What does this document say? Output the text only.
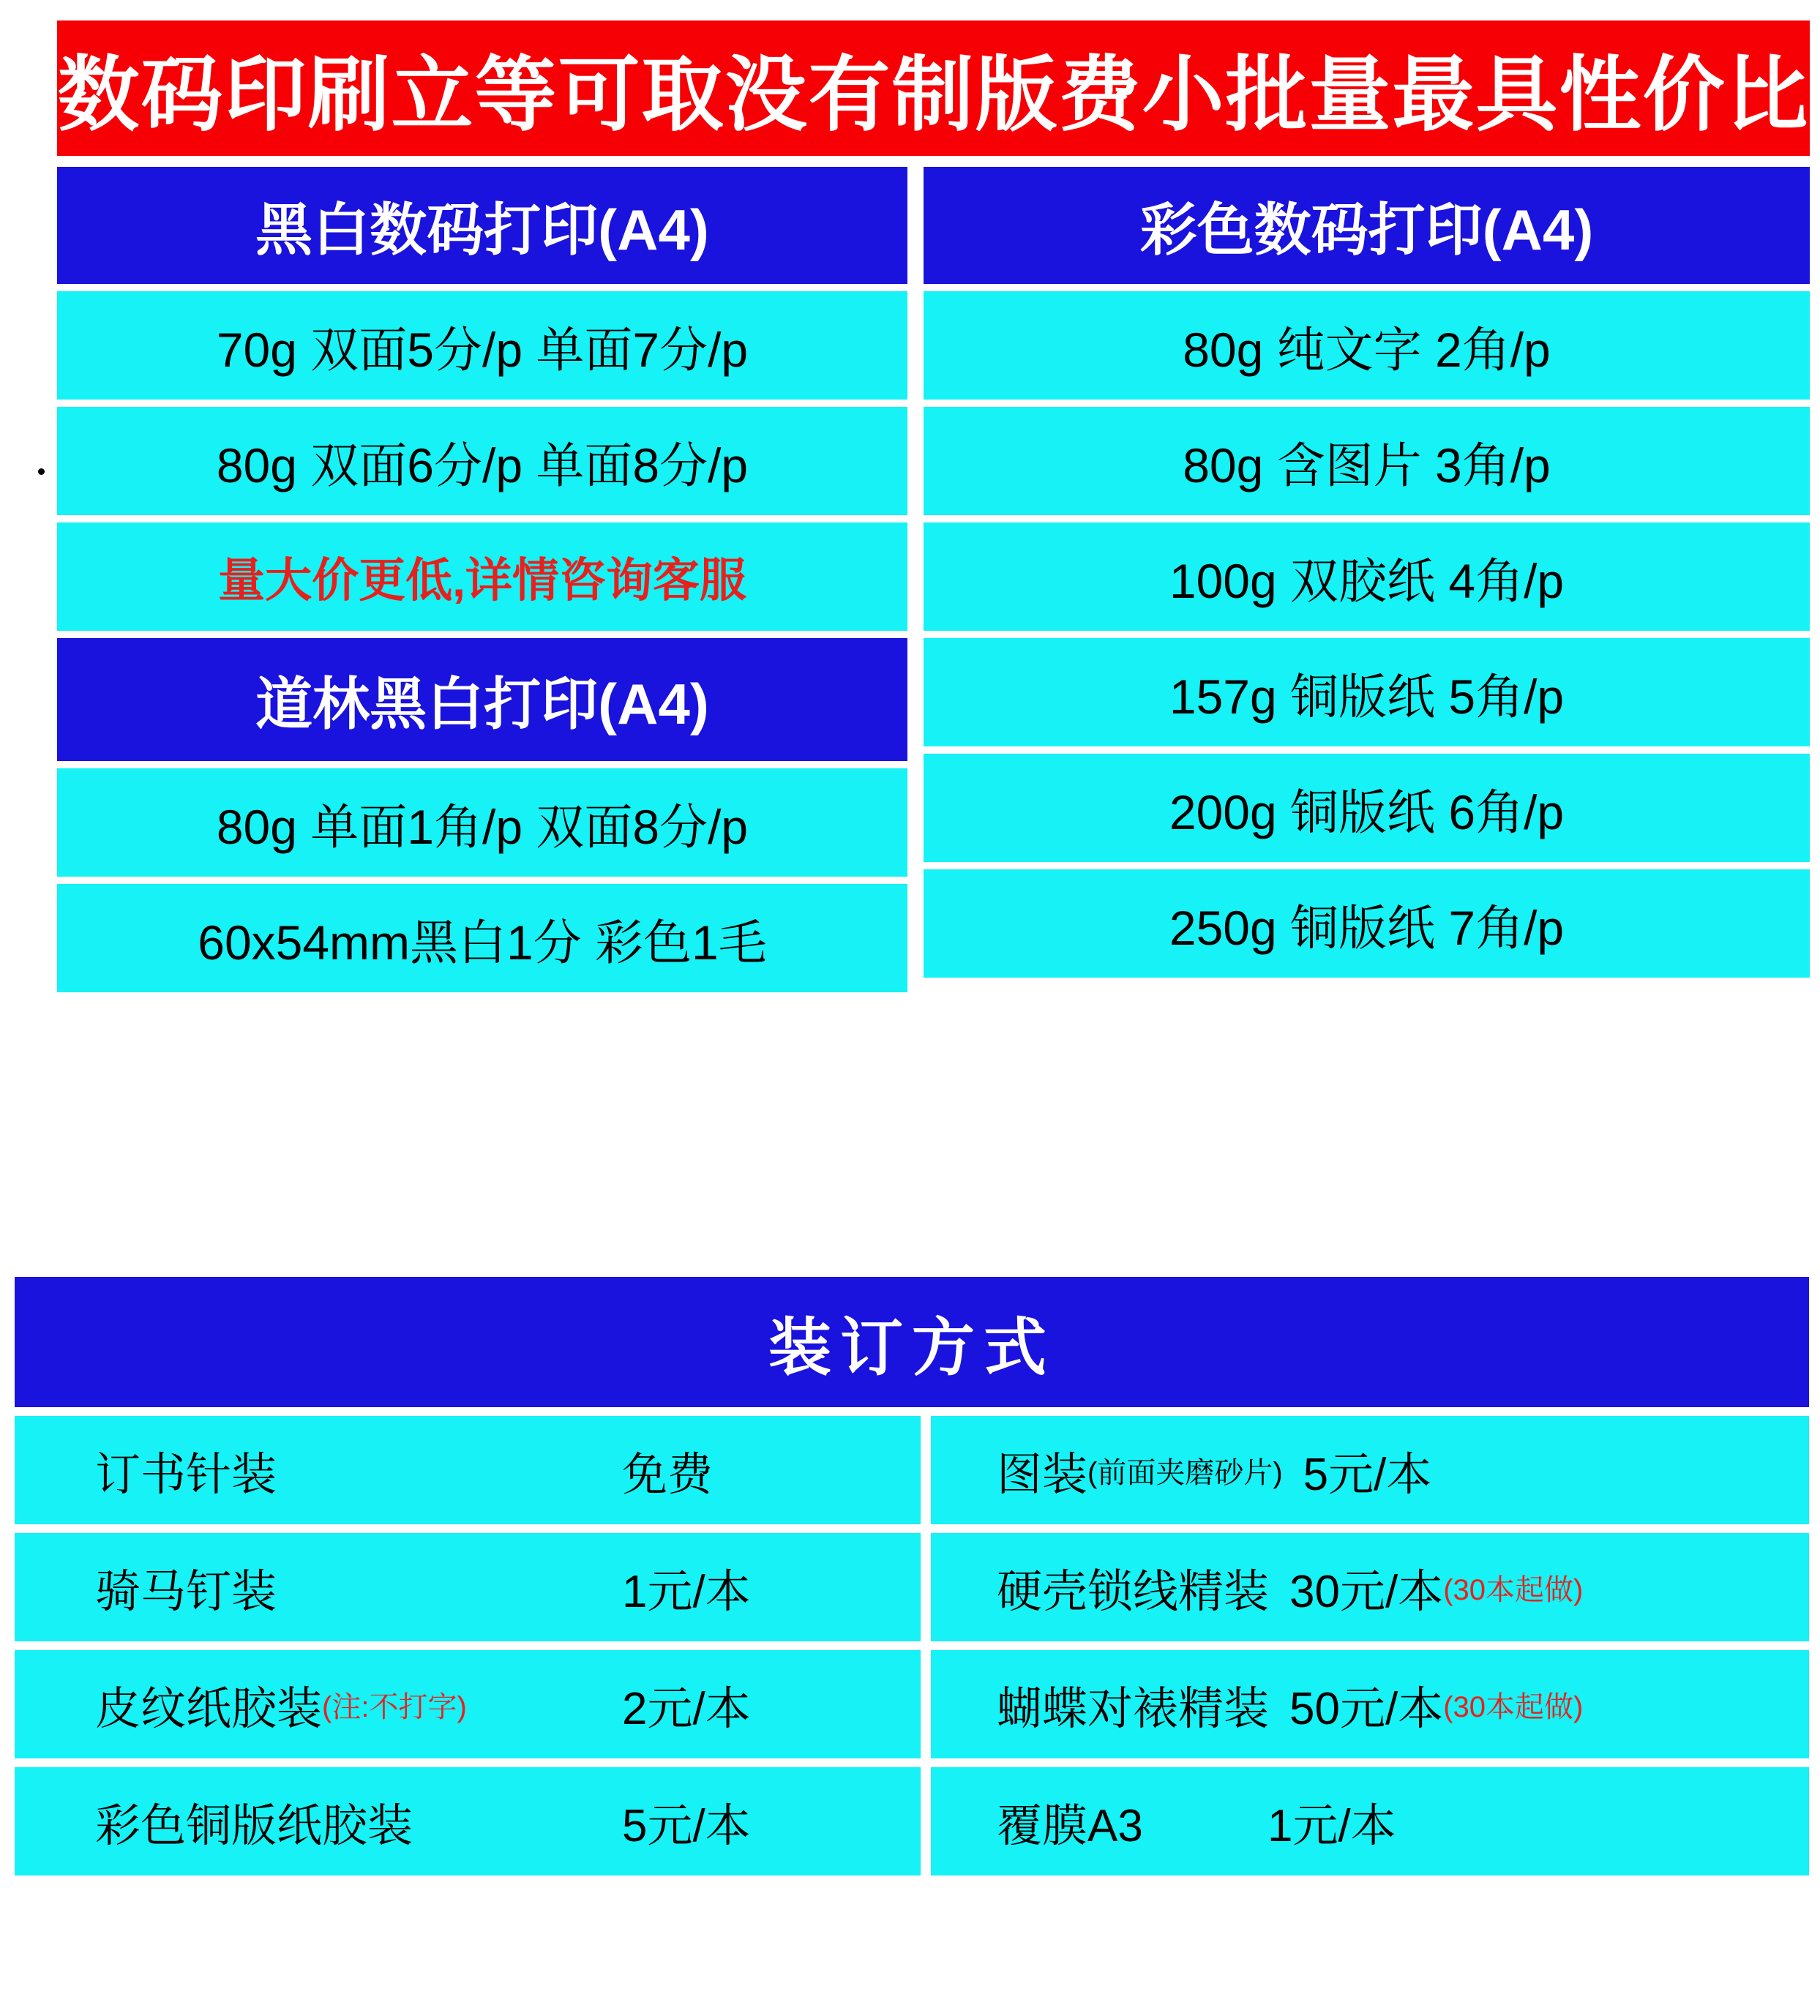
数码印刷立等可取没有制版费小批量最具性价比
黑白数码打印(A4)
70g 双面5分/p 单面7分/p
80g 双面6分/p 单面8分/p
量大价更低,详情咨询客服
道林黑白打印(A4)
80g 单面1角/p 双面8分/p
60x54mm黑白1分 彩色1毛
彩色数码打印(A4)
80g 纯文字 2角/p
80g 含图片 3角/p
100g 双胶纸 4角/p
157g 铜版纸 5角/p
200g 铜版纸 6角/p
250g 铜版纸 7角/p
装订方式
订书针装	免费	图装 (前面夹磨砂片) 5元/本
骑马钉装	1元/本	硬壳锁线精装 30元/本 (30本起做)
皮纹纸胶装 (注:不打字)	2元/本	蝴蝶对裱精装 50元/本 (30本起做)
彩色铜版纸胶装	5元/本	覆膜A3	1元/本
